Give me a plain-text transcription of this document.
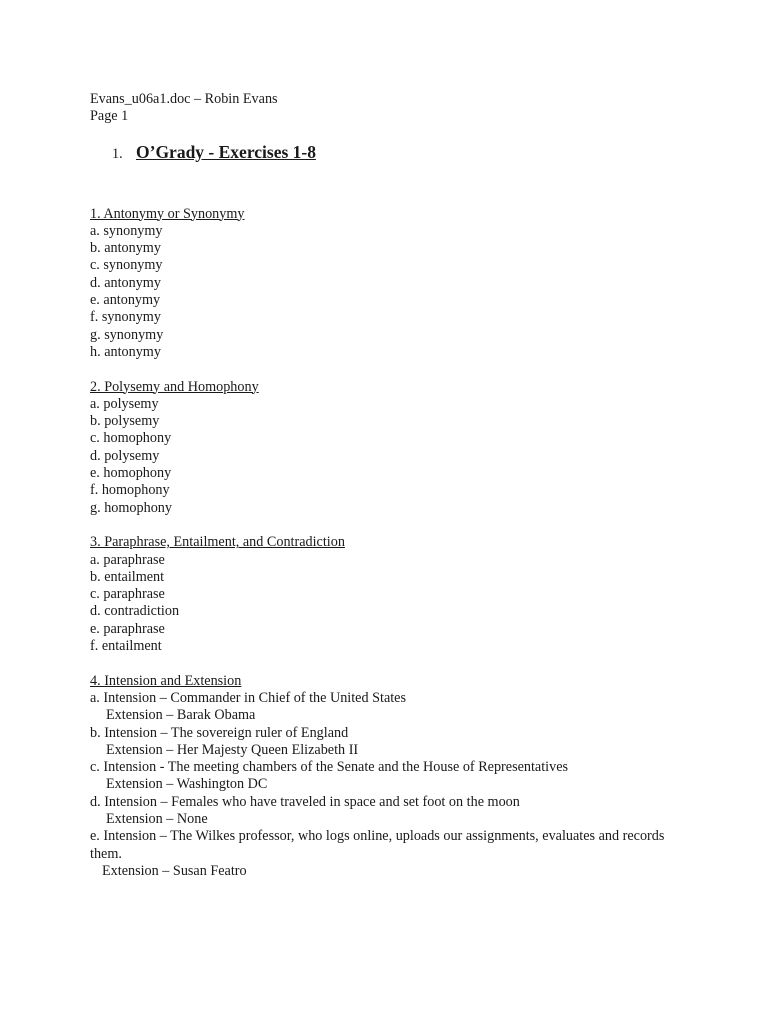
Evans_u06a1.doc – Robin Evans
Page 1
1. O’Grady - Exercises 1-8
1. Antonymy or Synonymy
a. synonymy
b. antonymy
c. synonymy
d. antonymy
e. antonymy
f. synonymy
g. synonymy
h. antonymy
2. Polysemy and Homophony
a. polysemy
b. polysemy
c. homophony
d. polysemy
e. homophony
f. homophony
g. homophony
3. Paraphrase, Entailment, and Contradiction
a. paraphrase
b. entailment
c. paraphrase
d. contradiction
e. paraphrase
f. entailment
4. Intension and Extension
a. Intension – Commander in Chief of the United States
Extension – Barak Obama
b. Intension – The sovereign ruler of England
Extension – Her Majesty Queen Elizabeth II
c. Intension - The meeting chambers of the Senate and the House of Representatives
Extension – Washington DC
d. Intension – Females who have traveled in space and set foot on the moon
Extension – None
e. Intension – The Wilkes professor, who logs online, uploads our assignments, evaluates and records them.
Extension – Susan Featro
